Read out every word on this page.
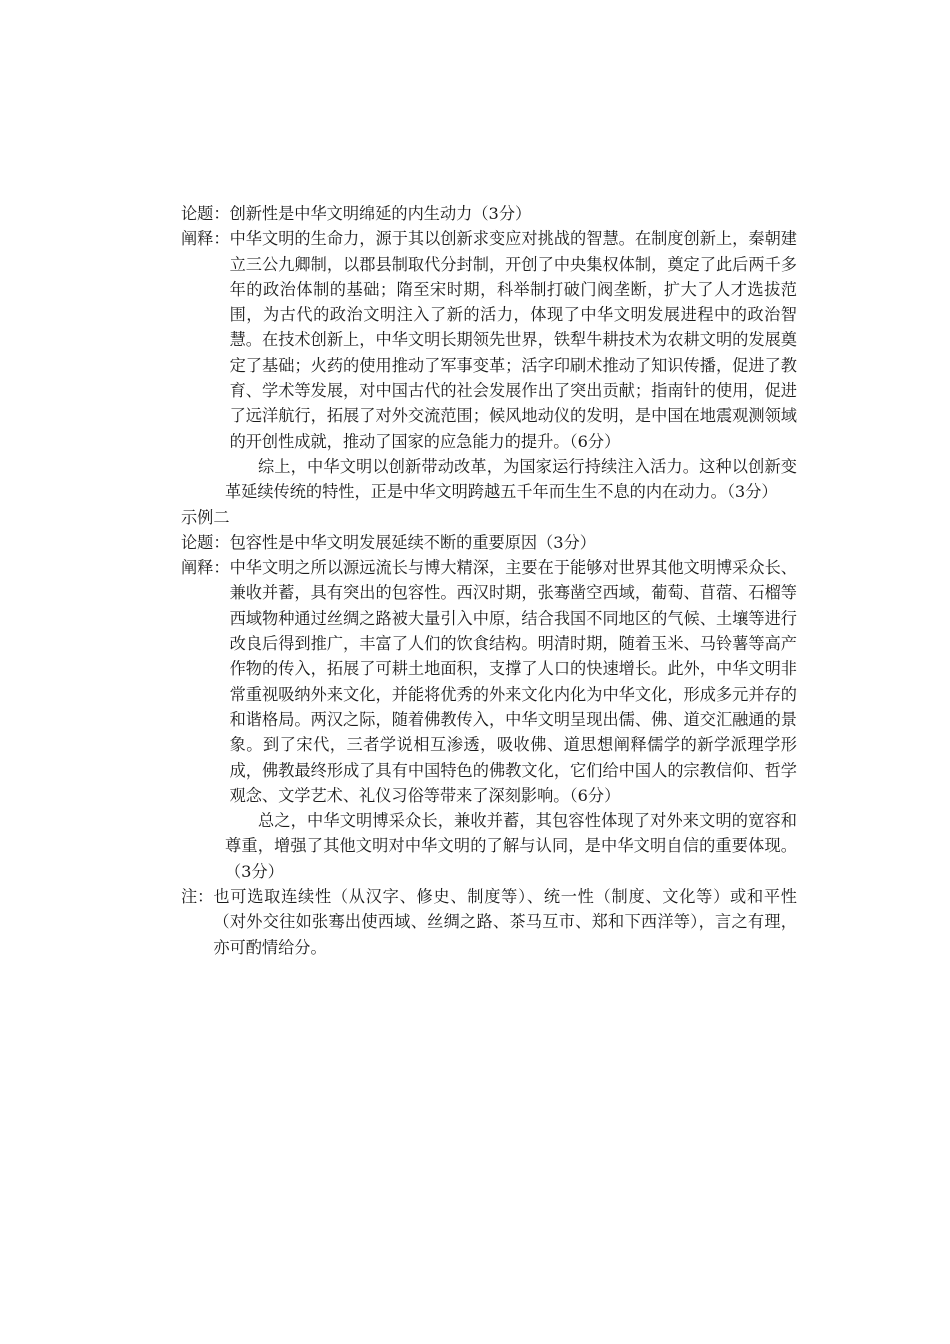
论题： 创新性是中华文明绵延的内生动力（3分）
阐释： 中华文明的生命力，源于其以创新求变应对挑战的智慧。在制度创新上，秦朝建立三公九卿制，以郡县制取代分封制，开创了中央集权体制，奠定了此后两千多年的政治体制的基础；隋至宋时期，科举制打破门阀垄断，扩大了人才选拔范围，为古代的政治文明注入了新的活力，体现了中华文明发展进程中的政治智慧。在技术创新上，中华文明长期领先世界，铁犁牛耕技术为农耕文明的发展奠定了基础；火药的使用推动了军事变革；活字印刷术推动了知识传播，促进了教育、学术等发展，对中国古代的社会发展作出了突出贡献；指南针的使用，促进了远洋航行，拓展了对外交流范围；候风地动仪的发明，是中国在地震观测领域的开创性成就，推动了国家的应急能力的提升。（6分）

综上，中华文明以创新带动改革，为国家运行持续注入活力。这种以创新变革延续传统的特性，正是中华文明跨越五千年而生生不息的内在动力。（3分）

示例二

论题： 包容性是中华文明发展延续不断的重要原因（3分）
阐释： 中华文明之所以源远流长与博大精深，主要在于能够对世界其他文明博采众长、兼收并蓄，具有突出的包容性。西汉时期，张骞凿空西域，葡萄、苜蓿、石榴等西域物种通过丝绸之路被大量引入中原，结合我国不同地区的气候、土壤等进行改良后得到推广，丰富了人们的饮食结构。明清时期，随着玉米、马铃薯等高产作物的传入，拓展了可耕土地面积，支撑了人口的快速增长。此外，中华文明非常重视吸纳外来文化，并能将优秀的外来文化内化为中华文化，形成多元并存的和谐格局。两汉之际，随着佛教传入，中华文明呈现出儒、佛、道交汇融通的景象。到了宋代，三者学说相互渗透，吸收佛、道思想阐释儒学的新学派理学形成，佛教最终形成了具有中国特色的佛教文化，它们给中国人的宗教信仰、哲学观念、文学艺术、礼仪习俗等带来了深刻影响。（6分）

总之，中华文明博采众长，兼收并蓄，其包容性体现了对外来文明的宽容和尊重，增强了其他文明对中华文明的了解与认同，是中华文明自信的重要体现。（3分）

注： 也可选取连续性（从汉字、修史、制度等）、统一性（制度、文化等）或和平性（对外交往如张骞出使西域、丝绸之路、茶马互市、郑和下西洋等），言之有理，亦可酌情给分。
